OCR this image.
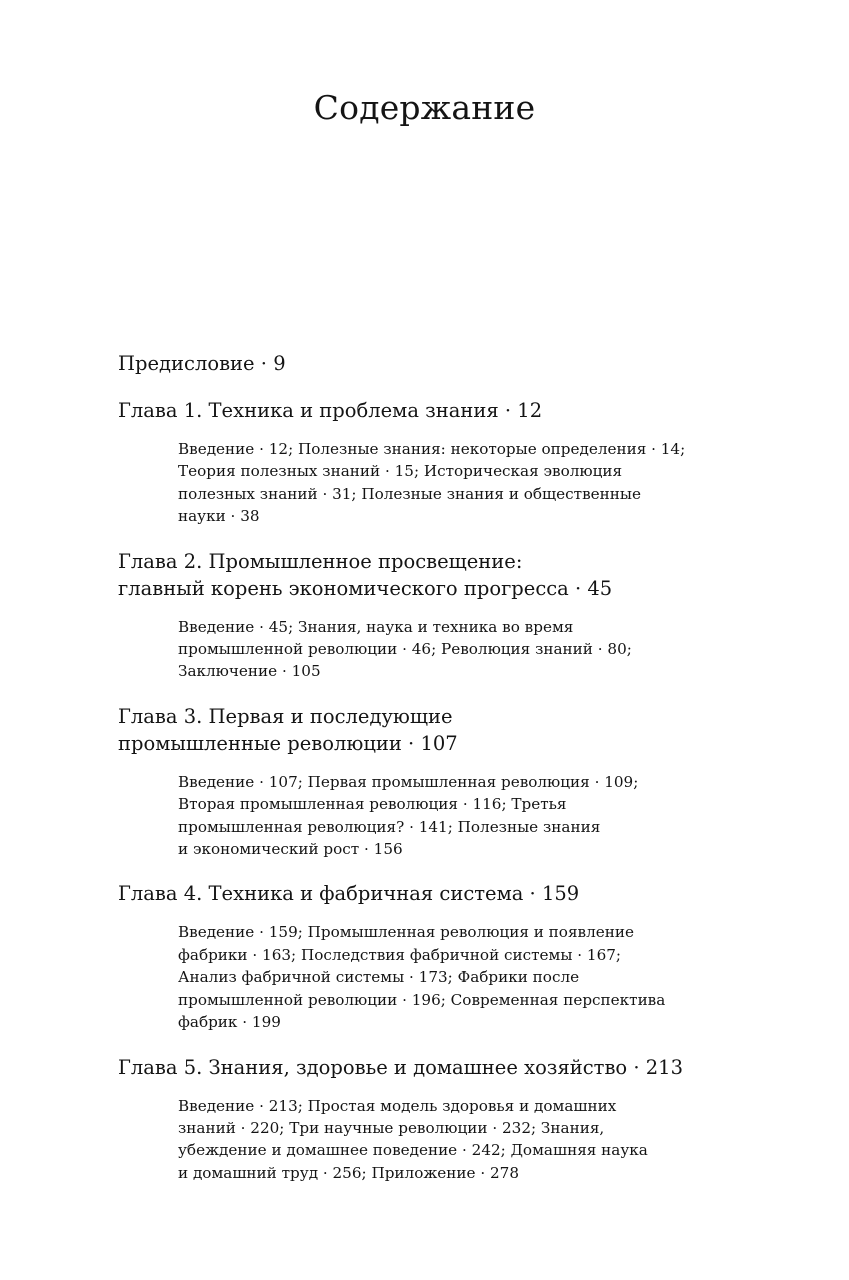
Содержание

Предисловие · 9

Глава 1. Техника и проблема знания · 12

Введение · 12; Полезные знания: некоторые определения · 14;
Теория полезных знаний · 15; Историческая эволюция
полезных знаний · 31; Полезные знания и общественные
науки · 38

Глава 2. Промышленное просвещение:
главный корень экономического прогресса · 45

Введение · 45; Знания, наука и техника во время
промышленной революции · 46; Революция знаний · 80;
Заключение · 105

Глава 3. Первая и последующие
промышленные революции · 107

Введение · 107; Первая промышленная революция · 109;
Вторая промышленная революция · 116; Третья
промышленная революция? · 141; Полезные знания
и экономический рост · 156

Глава 4. Техника и фабричная система · 159

Введение · 159; Промышленная революция и появление
фабрики · 163; Последствия фабричной системы · 167;
Анализ фабричной системы · 173; Фабрики после
промышленной революции · 196; Современная перспектива
фабрик · 199

Глава 5. Знания, здоровье и домашнее хозяйство · 213

Введение · 213; Простая модель здоровья и домашних
знаний · 220; Три научные революции · 232; Знания,
убеждение и домашнее поведение · 242; Домашняя наука
и домашний труд · 256; Приложение · 278
